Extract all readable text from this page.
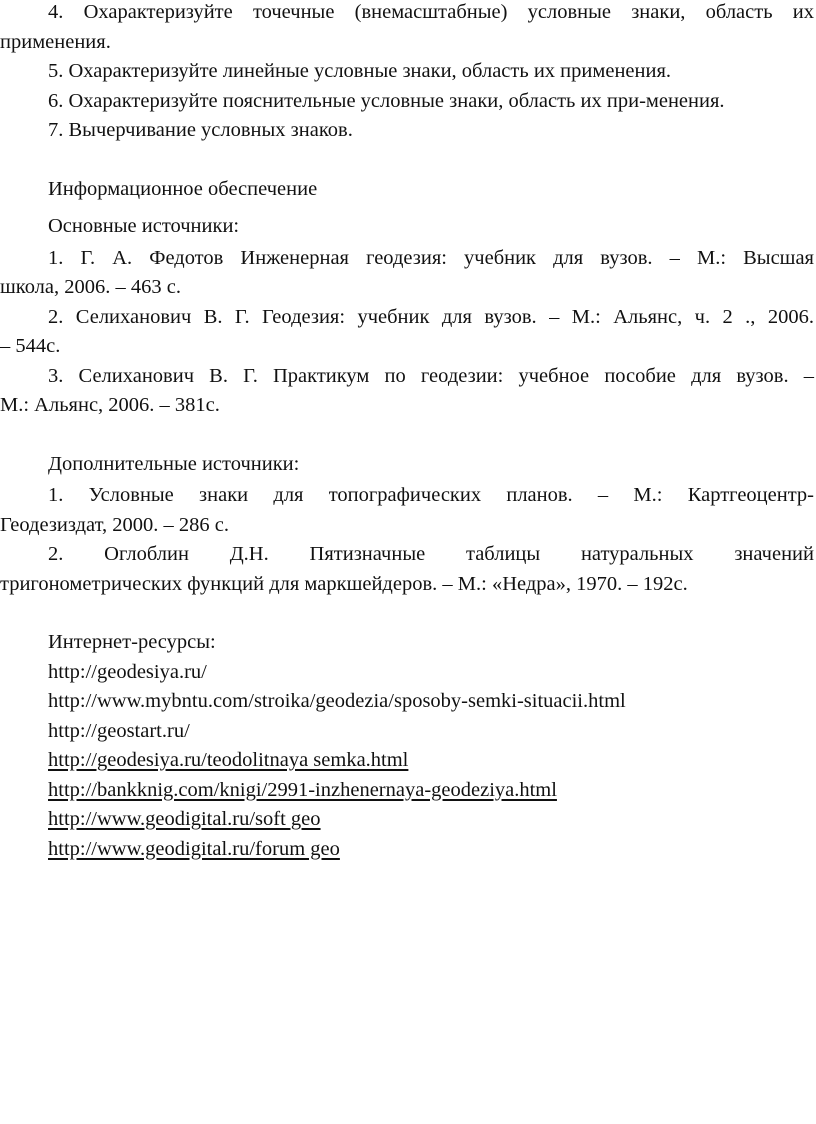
4. Охарактеризуйте точечные (внемасштабные) условные знаки, область их
применения.
5. Охарактеризуйте линейные условные знаки, область их применения.
6. Охарактеризуйте пояснительные условные знаки, область их при-менения.
7. Вычерчивание условных знаков.
Информационное обеспечение
Основные источники:
1. Г. А. Федотов Инженерная геодезия: учебник для вузов. – М.: Высшая
школа, 2006. – 463 с.
2. Селиханович В. Г. Геодезия: учебник для вузов. – М.: Альянс, ч. 2 ., 2006.
– 544с.
3. Селиханович В. Г. Практикум по геодезии: учебное пособие для вузов. –
М.: Альянс, 2006. – 381с.
Дополнительные источники:
1. Условные знаки для топографических планов. – М.: Картгеоцентр-
Геодезиздат, 2000. – 286 с.
2. Оглоблин Д.Н. Пятизначные таблицы натуральных значений
тригонометрических функций для маркшейдеров. – М.: «Недра», 1970. – 192с.
Интернет-ресурсы:
http://geodesiya.ru/
http://www.mybntu.com/stroika/geodezia/sposoby-semki-situacii.html
http://geostart.ru/
http://geodesiya.ru/teodolitnaya semka.html
http://bankknig.com/knigi/2991-inzhenernaya-geodeziya.html
http://www.geodigital.ru/soft geo
http://www.geodigital.ru/forum geo
